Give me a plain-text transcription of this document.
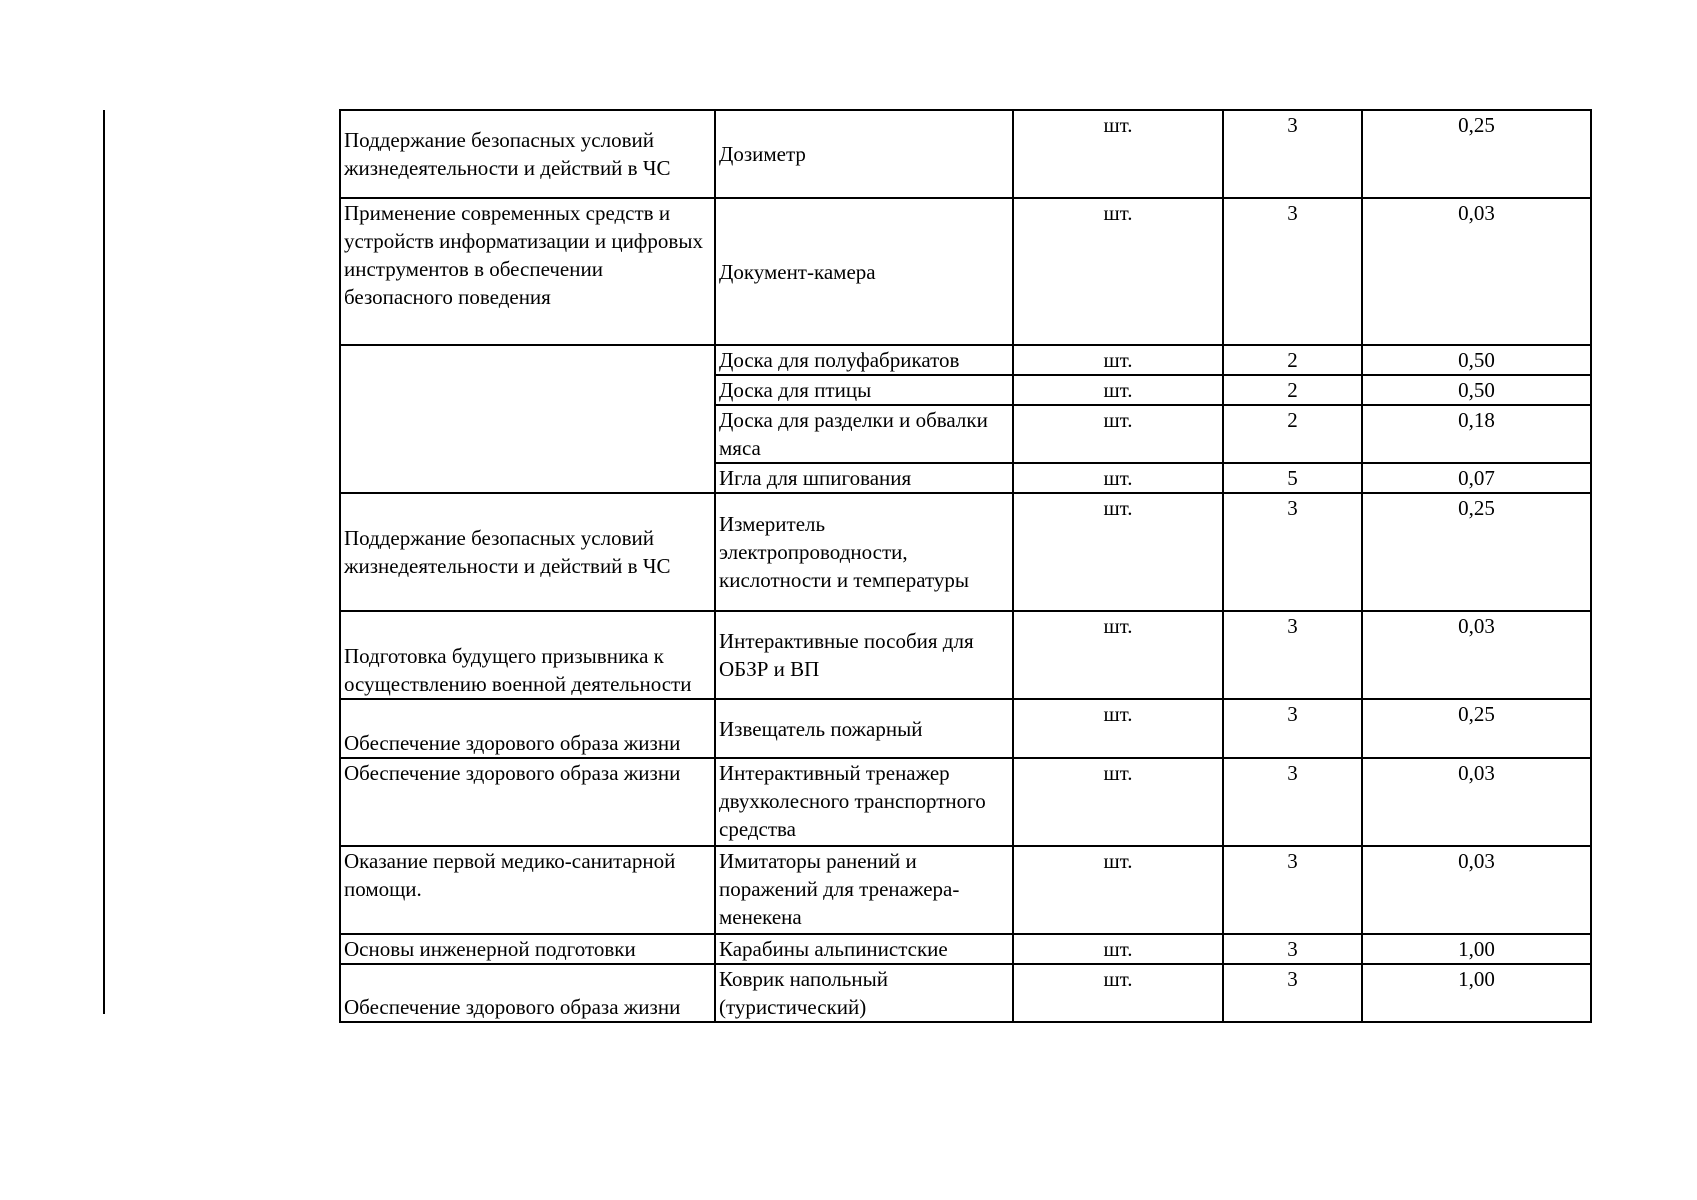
Поддержание безопасных условий жизнедеятельности и действий в ЧС	Дозиметр	шт.	3	0,25
Применение современных средств и устройств информатизации и цифровых инструментов в обеспечении безопасного поведения	Документ-камера	шт.	3	0,03
	Доска для полуфабрикатов	шт.	2	0,50
	Доска для птицы	шт.	2	0,50
	Доска для разделки и обвалки мяса	шт.	2	0,18
	Игла для шпигования	шт.	5	0,07
Поддержание безопасных условий жизнедеятельности и действий в ЧС	Измеритель электропроводности, кислотности и температуры	шт.	3	0,25
Подготовка будущего призывника к осуществлению военной деятельности	Интерактивные пособия для ОБЗР и ВП	шт.	3	0,03
Обеспечение здорового образа жизни	Извещатель пожарный	шт.	3	0,25
Обеспечение здорового образа жизни	Интерактивный тренажер двухколесного транспортного средства	шт.	3	0,03
Оказание первой медико-санитарной помощи.	Имитаторы ранений и поражений для тренажера-менекена	шт.	3	0,03
Основы инженерной подготовки	Карабины альпинистские	шт.	3	1,00
Обеспечение здорового образа жизни	Коврик напольный (туристический)	шт.	3	1,00
